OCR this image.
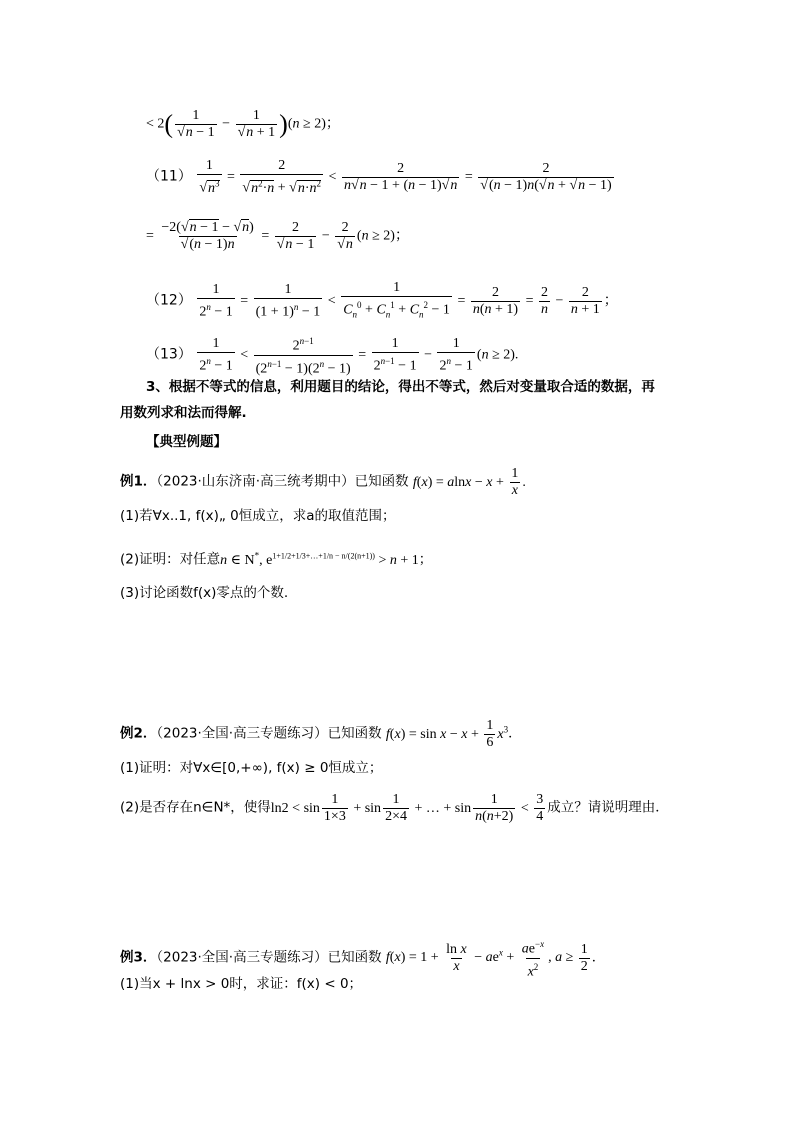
< $2( \frac{1}{√n - 1} - \frac{1}{√n + 1} )(n \ge 2)$；
$(11) \frac{1}{√n^3} = \frac{2}{√n^2\cdot n + √n\cdot n^2} < \frac{2}{n√n - 1 + (n - 1)√n} = \frac{2}{√(n - 1)n(√n + √n - 1)}$
= $\frac{-2(√n - 1 - √n)}{√(n - 1)n} = \frac{2}{√n - 1} - \frac{2}{√n} (n \ge 2)$；
$(12) \frac{1}{2^n - 1} = \frac{1}{(1 + 1)^n - 1} < \frac{1}{C_n^0 + C_n^1 + C_n^2 - 1} = \frac{2}{n(n + 1)} = \frac{2}{n} - \frac{2}{n + 1}$ ；
$(13) \frac{1}{2^n - 1} < \frac{2^{n-1}}{(2^{n-1} - 1)(2^n - 1)} = \frac{1}{2^{n-1} - 1} - \frac{1}{2^n - 1} (n \ge 2)$.
3、根据不等式的信息，利用题目的结论，得出不等式，然后对变量取合适的数据，再
用数列求和法而得解.
【典型例题】
例1．（2023·山东济南·高三统考期中）已知函数 $f(x) = alnx - x + \frac{1}{x}$ .
(1)若∀x..1, f(x)„ 0恒成立，求a的取值范围；
(2)证明：对任意n ∈ N*, $e^{1+1/2+1/3+\dots+1/n - n/(2(n+1))} > n + 1$；
(3)讨论函数f(x)零点的个数.
例2．（2023·全国·高三专题练习）已知函数 $f(x) = \sin x - x + \frac{1}{6} x^3$．
(1)证明：对∀x∈[0,+∞), f(x) ≥ 0恒成立；
(2)是否存在n∈N*，使得$\ln 2 < \sin \frac{1}{1\times 3} + \sin \frac{1}{2\times 4}$ + … + $\sin \frac{1}{n(n+2)} < \frac{3}{4}$ 成立？请说明理由．
例3．（2023·全国·高三专题练习）已知函数 $f(x) = 1 + \frac{\text{ln x}}{x} - ae^x + \frac{ae^{-x}}{x^2}$ , $a \ge \frac{1}{2}$ ．
(1)当x + lnx > 0时，求证：f(x) < 0；
